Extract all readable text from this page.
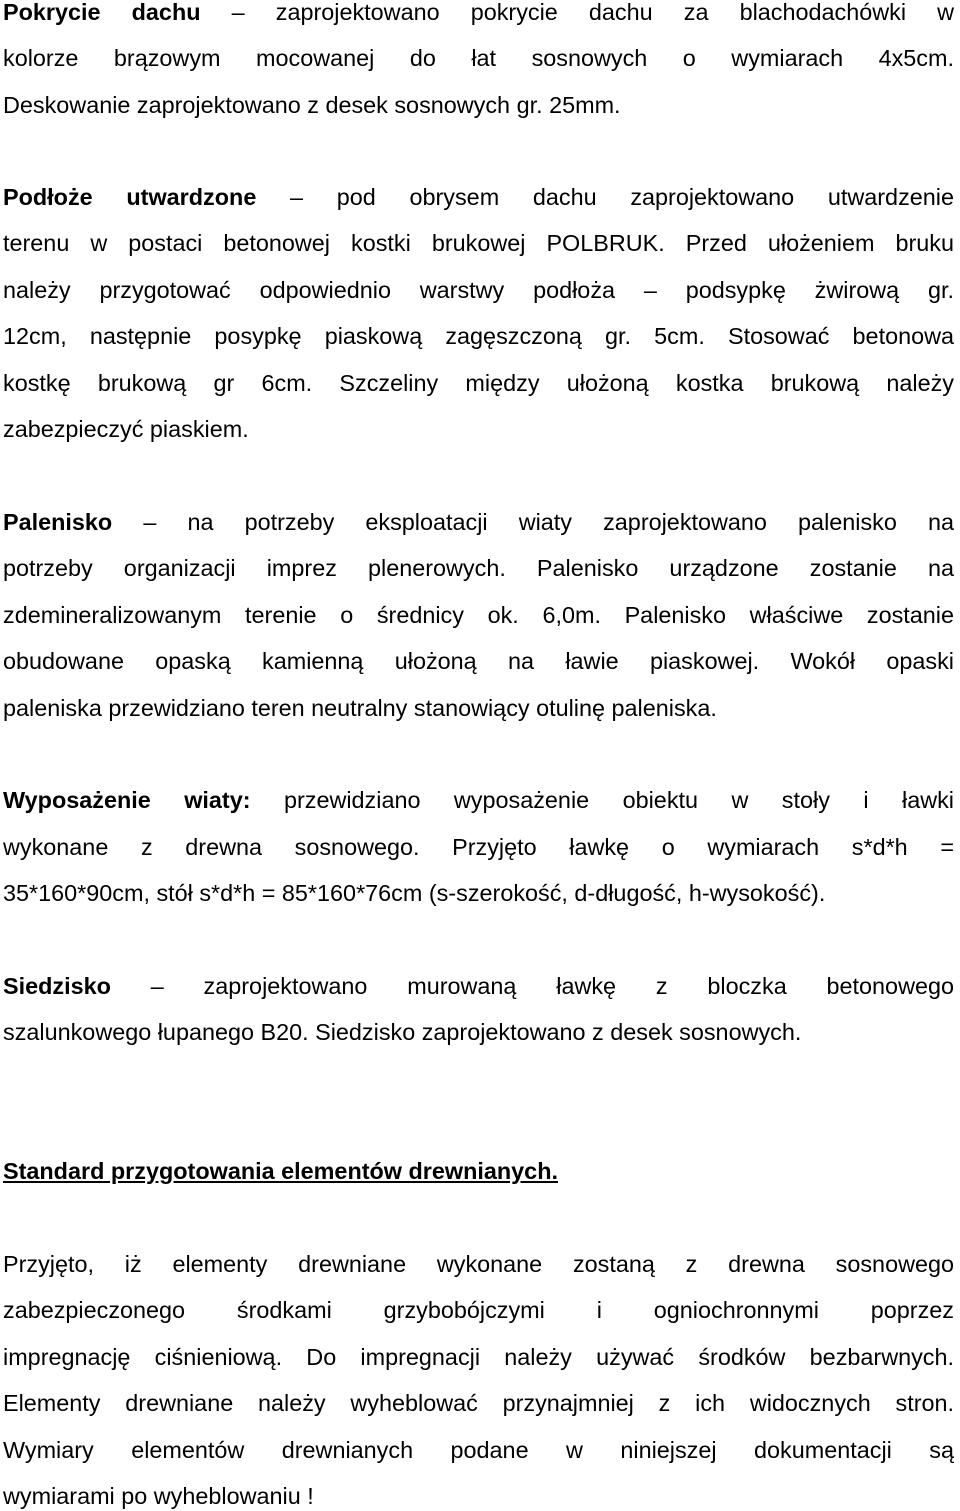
Pokrycie dachu – zaprojektowano pokrycie dachu za blachodachówki w
kolorze brązowym mocowanej do łat sosnowych o wymiarach 4x5cm.
Deskowanie zaprojektowano z desek sosnowych gr. 25mm.
Podłoże utwardzone – pod obrysem dachu zaprojektowano utwardzenie
terenu w postaci betonowej kostki brukowej POLBRUK. Przed ułożeniem bruku
należy przygotować odpowiednio warstwy podłoża – podsypkę żwirową gr.
12cm, następnie posypkę piaskową zagęszczoną gr. 5cm. Stosować betonowa
kostkę brukową gr 6cm. Szczeliny między ułożoną kostka brukową należy
zabezpieczyć piaskiem.
Palenisko – na potrzeby eksploatacji wiaty zaprojektowano palenisko na
potrzeby organizacji imprez plenerowych. Palenisko urządzone zostanie na
zdemineralizowanym terenie o średnicy ok. 6,0m. Palenisko właściwe zostanie
obudowane opaską kamienną ułożoną na ławie piaskowej. Wokół opaski
paleniska przewidziano teren neutralny stanowiący otulinę paleniska.
Wyposażenie wiaty: przewidziano wyposażenie obiektu w stoły i ławki
wykonane z drewna sosnowego. Przyjęto ławkę o wymiarach s*d*h =
35*160*90cm, stół s*d*h = 85*160*76cm (s-szerokość, d-długość, h-wysokość).
Siedzisko – zaprojektowano murowaną ławkę z bloczka betonowego
szalunkowego łupanego B20. Siedzisko zaprojektowano z desek sosnowych.
Standard przygotowania elementów drewnianych.
Przyjęto, iż elementy drewniane wykonane zostaną z drewna sosnowego
zabezpieczonego środkami grzybobójczymi i ogniochronnymi poprzez
impregnację ciśnieniową. Do impregnacji należy używać środków bezbarwnych.
Elementy drewniane należy wyheblować przynajmniej z ich widocznych stron.
Wymiary elementów drewnianych podane w niniejszej dokumentacji są
wymiarami po wyheblowaniu !
